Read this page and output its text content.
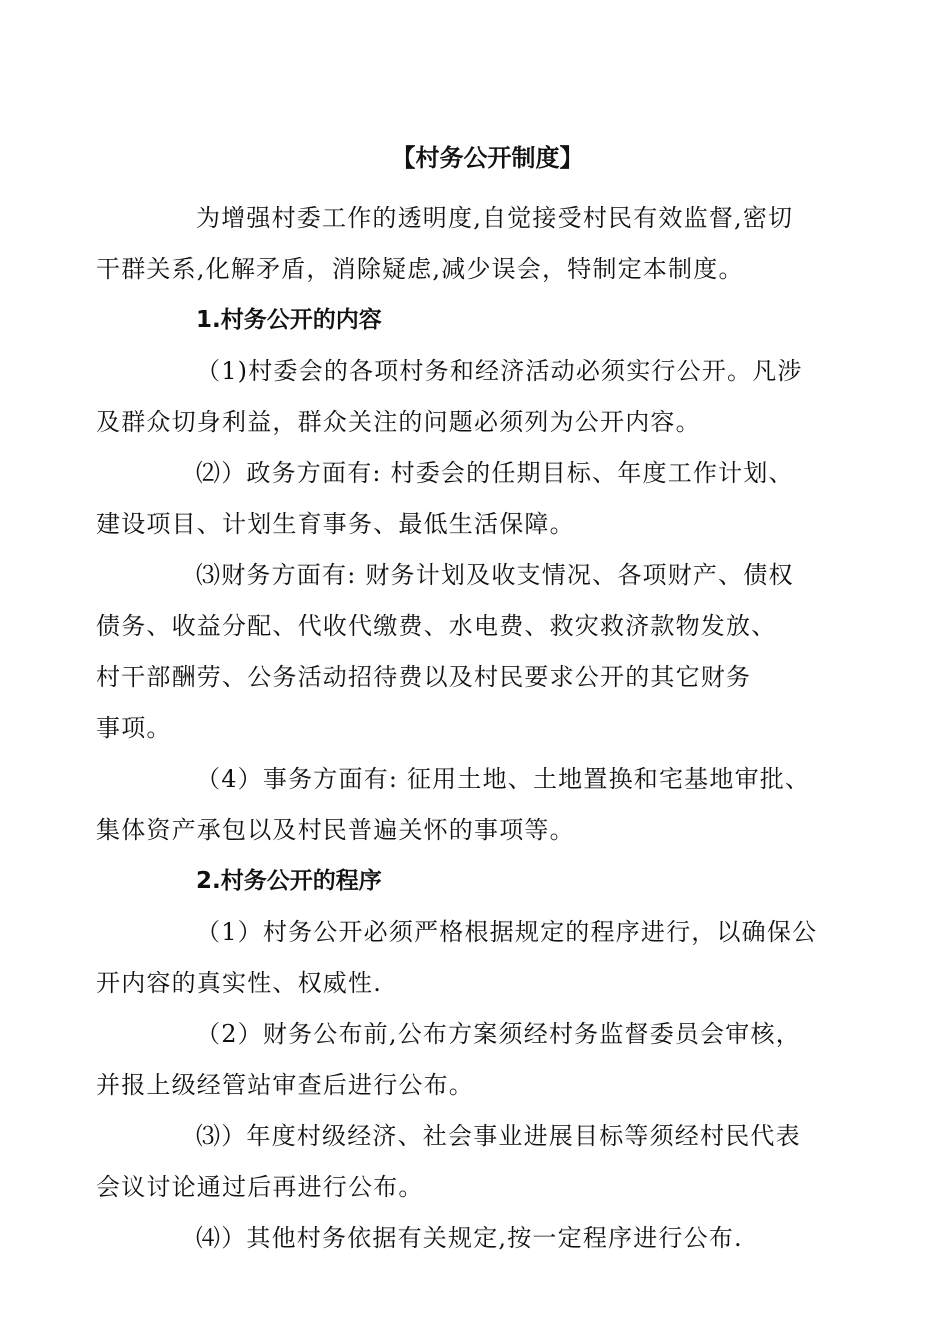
【村务公开制度】

为增强村委工作的透明度,自觉接受村民有效监督,密切
干群关系,化解矛盾，消除疑虑,减少误会，特制定本制度。

1.村务公开的内容

（1)村委会的各项村务和经济活动必须实行公开。凡涉
及群众切身利益，群众关注的问题必须列为公开内容。

⑵）政务方面有: 村委会的任期目标、年度工作计划、
建设项目、计划生育事务、最低生活保障。

⑶财务方面有: 财务计划及收支情况、各项财产、债权
债务、收益分配、代收代缴费、水电费、救灾救济款物发放、
村干部酬劳、公务活动招待费以及村民要求公开的其它财务
事项。

（4）事务方面有: 征用土地、土地置换和宅基地审批、
集体资产承包以及村民普遍关怀的事项等。

2.村务公开的程序

（1）村务公开必须严格根据规定的程序进行，以确保公
开内容的真实性、权威性.

（2）财务公布前,公布方案须经村务监督委员会审核，
并报上级经管站审查后进行公布。

⑶）年度村级经济、社会事业进展目标等须经村民代表
会议讨论通过后再进行公布。

⑷）其他村务依据有关规定,按一定程序进行公布.
